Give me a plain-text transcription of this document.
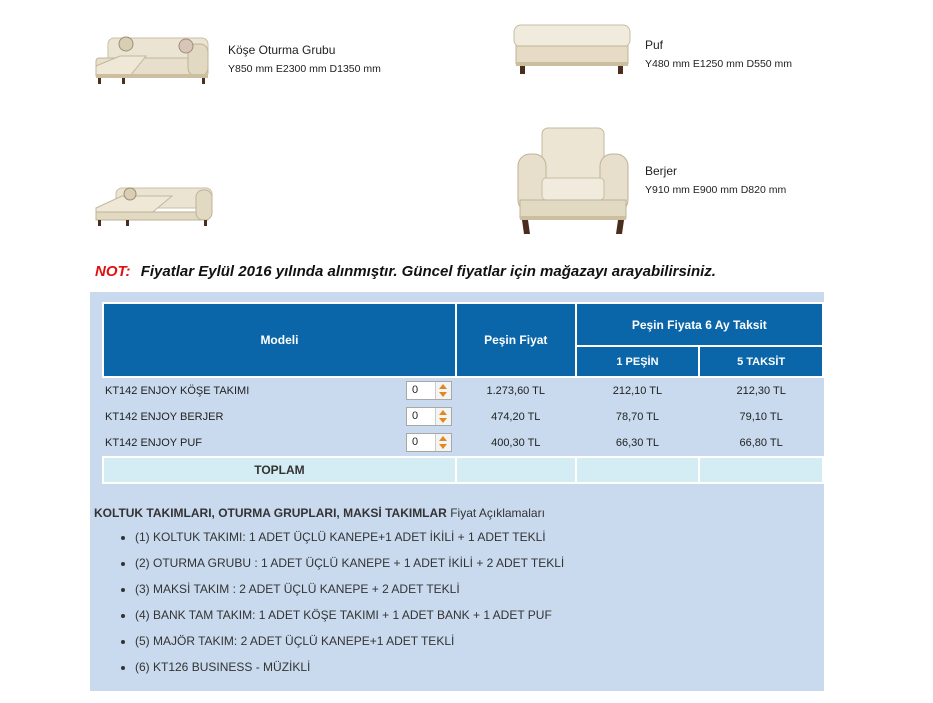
Köşe Oturma Grubu
Y850 mm E2300 mm D1350 mm
Puf
Y480 mm E1250 mm D550 mm
Berjer
Y910 mm E900 mm D820 mm
NOT: Fiyatlar Eylül 2016 yılında alınmıştır. Güncel fiyatlar için mağazayı arayabilirsiniz.
Modeli	Peşin Fiyat	Peşin Fiyata 6 Ay Taksit	
		1 PEŞİN	5 TAKSİT

KT142 ENJOY KÖŞE TAKIMI 0	1.273,60 TL	212,10 TL	212,30 TL

KT142 ENJOY BERJER 0	474,20 TL	78,70 TL	79,10 TL

KT142 ENJOY PUF 0	400,30 TL	66,30 TL	66,80 TL
TOPLAM			
KOLTUK TAKIMLARI, OTURMA GRUPLARI, MAKSİ TAKIMLAR Fiyat Açıklamaları
• (1) KOLTUK TAKIMI: 1 ADET ÜÇLÜ KANEPE+1 ADET İKİLİ + 1 ADET TEKLİ
• (2) OTURMA GRUBU : 1 ADET ÜÇLÜ KANEPE + 1 ADET İKİLİ + 2 ADET TEKLİ
• (3) MAKSİ TAKIM : 2 ADET ÜÇLÜ KANEPE + 2 ADET TEKLİ
• (4) BANK TAM TAKIM: 1 ADET KÖŞE TAKIMI + 1 ADET BANK + 1 ADET PUF
• (5) MAJÖR TAKIM: 2 ADET ÜÇLÜ KANEPE+1 ADET TEKLİ
• (6) KT126 BUSINESS - MÜZİKLİ
